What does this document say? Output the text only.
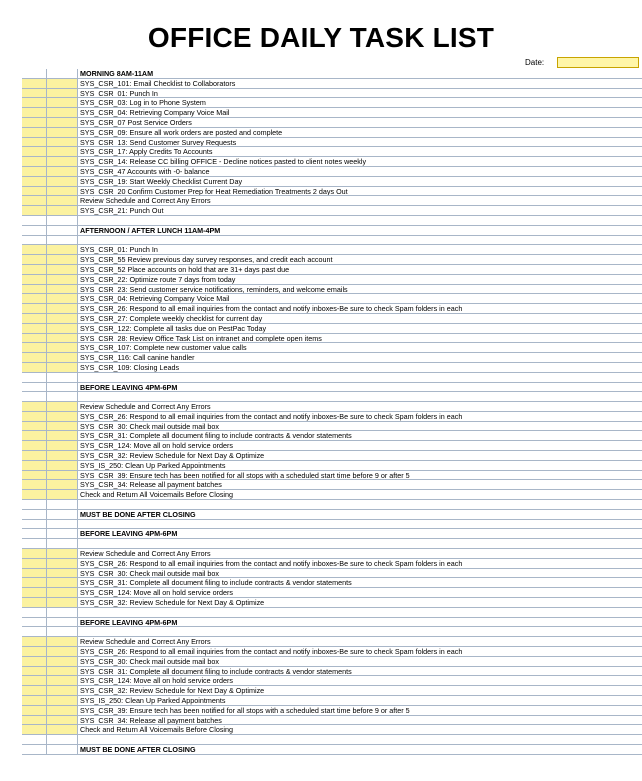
OFFICE DAILY TASK LIST
Date:
MORNING 8AM-11AM
SYS_CSR_101: Email Checklist to Collaborators
SYS_CSR_01: Punch In
SYS_CSR_03: Log in to Phone System
SYS_CSR_04: Retrieving Company Voice Mail
SYS_CSR_07 Post Service Orders
SYS_CSR_09: Ensure all work orders are posted and complete
SYS_CSR_13: Send Customer Survey Requests
SYS_CSR_17: Apply Credits To Accounts
SYS_CSR_14: Release CC billing OFFICE - Decline notices pasted to client notes weekly
SYS_CSR_47 Accounts with -0- balance
SYS_CSR_19: Start Weekly Checklist Current Day
SYS_CSR_20 Confirm Customer Prep for Heat Remediation Treatments 2 days Out
Review Schedule and Correct Any Errors
SYS_CSR_21: Punch Out
AFTERNOON / AFTER LUNCH 11AM-4PM
SYS_CSR_01: Punch In
SYS_CSR_55 Review previous day survey responses, and credit each account
SYS_CSR_52 Place accounts on hold that are 31+ days past due
SYS_CSR_22: Optimize route 7 days from today
SYS_CSR_23: Send customer service notifications, reminders, and welcome emails
SYS_CSR_04: Retrieving Company Voice Mail
SYS_CSR_26: Respond to all email inquiries from the contact and notify inboxes-Be sure to check Spam folders in each
SYS_CSR_27: Complete weekly checklist for current day
SYS_CSR_122: Complete all tasks due on PestPac Today
SYS_CSR_28: Review Office Task List on intranet and complete open items
SYS_CSR_107: Complete new customer value calls
SYS_CSR_116: Call canine handler
SYS_CSR_109: Closing Leads
BEFORE LEAVING 4PM-6PM
Review Schedule and Correct Any Errors
SYS_CSR_26: Respond to all email inquiries from the contact and notify inboxes-Be sure to check Spam folders in each
SYS_CSR_30: Check mail outside mail box
SYS_CSR_31: Complete all document filing to include contracts & vendor statements
SYS_CSR_124: Move all on hold service orders
SYS_CSR_32: Review Schedule for Next Day & Optimize
SYS_IS_250: Clean Up Parked Appointments
SYS_CSR_39: Ensure tech has been notified for all stops with a scheduled start time before 9 or after 5
SYS_CSR_34: Release all payment batches
Check and Return All Voicemails Before Closing
MUST BE DONE AFTER CLOSING
BEFORE LEAVING 4PM-6PM
Review Schedule and Correct Any Errors
SYS_CSR_26: Respond to all email inquiries from the contact and notify inboxes-Be sure to check Spam folders in each
SYS_CSR_30: Check mail outside mail box
SYS_CSR_31: Complete all document filing to include contracts & vendor statements
SYS_CSR_124: Move all on hold service orders
SYS_CSR_32: Review Schedule for Next Day & Optimize
BEFORE LEAVING 4PM-6PM
Review Schedule and Correct Any Errors
SYS_CSR_26: Respond to all email inquiries from the contact and notify inboxes-Be sure to check Spam folders in each
SYS_CSR_30: Check mail outside mail box
SYS_CSR_31: Complete all document filing to include contracts & vendor statements
SYS_CSR_124: Move all on hold service orders
SYS_CSR_32: Review Schedule for Next Day & Optimize
SYS_IS_250: Clean Up Parked Appointments
SYS_CSR_39: Ensure tech has been notified for all stops with a scheduled start time before 9 or after 5
SYS_CSR_34: Release all payment batches
Check and Return All Voicemails Before Closing
MUST BE DONE AFTER CLOSING
